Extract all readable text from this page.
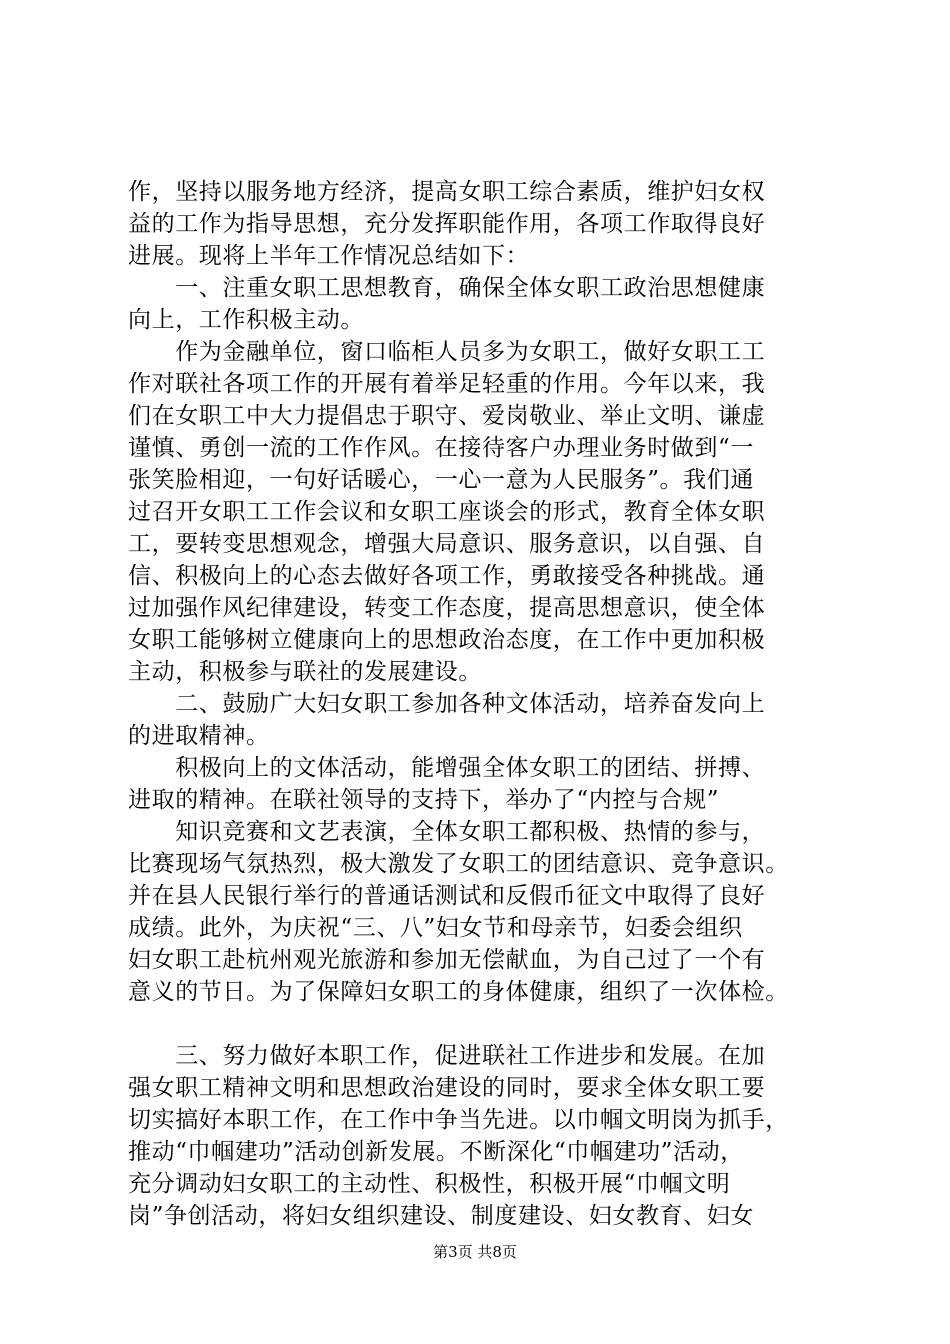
作，坚持以服务地方经济，提高女职工综合素质，维护妇女权
益的工作为指导思想，充分发挥职能作用，各项工作取得良好
进展。现将上半年工作情况总结如下：
　　一、注重女职工思想教育，确保全体女职工政治思想健康
向上，工作积极主动。
　　作为金融单位，窗口临柜人员多为女职工，做好女职工工
作对联社各项工作的开展有着举足轻重的作用。今年以来，我
们在女职工中大力提倡忠于职守、爱岗敬业、举止文明、谦虚
谨慎、勇创一流的工作作风。在接待客户办理业务时做到“一
张笑脸相迎，一句好话暖心，一心一意为人民服务”。我们通
过召开女职工工作会议和女职工座谈会的形式，教育全体女职
工，要转变思想观念，增强大局意识、服务意识，以自强、自
信、积极向上的心态去做好各项工作，勇敢接受各种挑战。通
过加强作风纪律建设，转变工作态度，提高思想意识，使全体
女职工能够树立健康向上的思想政治态度，在工作中更加积极
主动，积极参与联社的发展建设。
　　二、鼓励广大妇女职工参加各种文体活动，培养奋发向上
的进取精神。
　　积极向上的文体活动，能增强全体女职工的团结、拼搏、
进取的精神。在联社领导的支持下，举办了“内控与合规”
　　知识竞赛和文艺表演，全体女职工都积极、热情的参与，
比赛现场气氛热烈，极大激发了女职工的团结意识、竞争意识。
并在县人民银行举行的普通话测试和反假币征文中取得了良好
成绩。此外，为庆祝“三、八”妇女节和母亲节，妇委会组织
妇女职工赴杭州观光旅游和参加无偿献血，为自己过了一个有
意义的节日。为了保障妇女职工的身体健康，组织了一次体检。
　　三、努力做好本职工作，促进联社工作进步和发展。在加
强女职工精神文明和思想政治建设的同时，要求全体女职工要
切实搞好本职工作，在工作中争当先进。以巾帼文明岗为抓手，
推动“巾帼建功”活动创新发展。不断深化“巾帼建功”活动，
充分调动妇女职工的主动性、积极性，积极开展“巾帼文明
岗”争创活动，将妇女组织建设、制度建设、妇女教育、妇女
第3页 共8页
